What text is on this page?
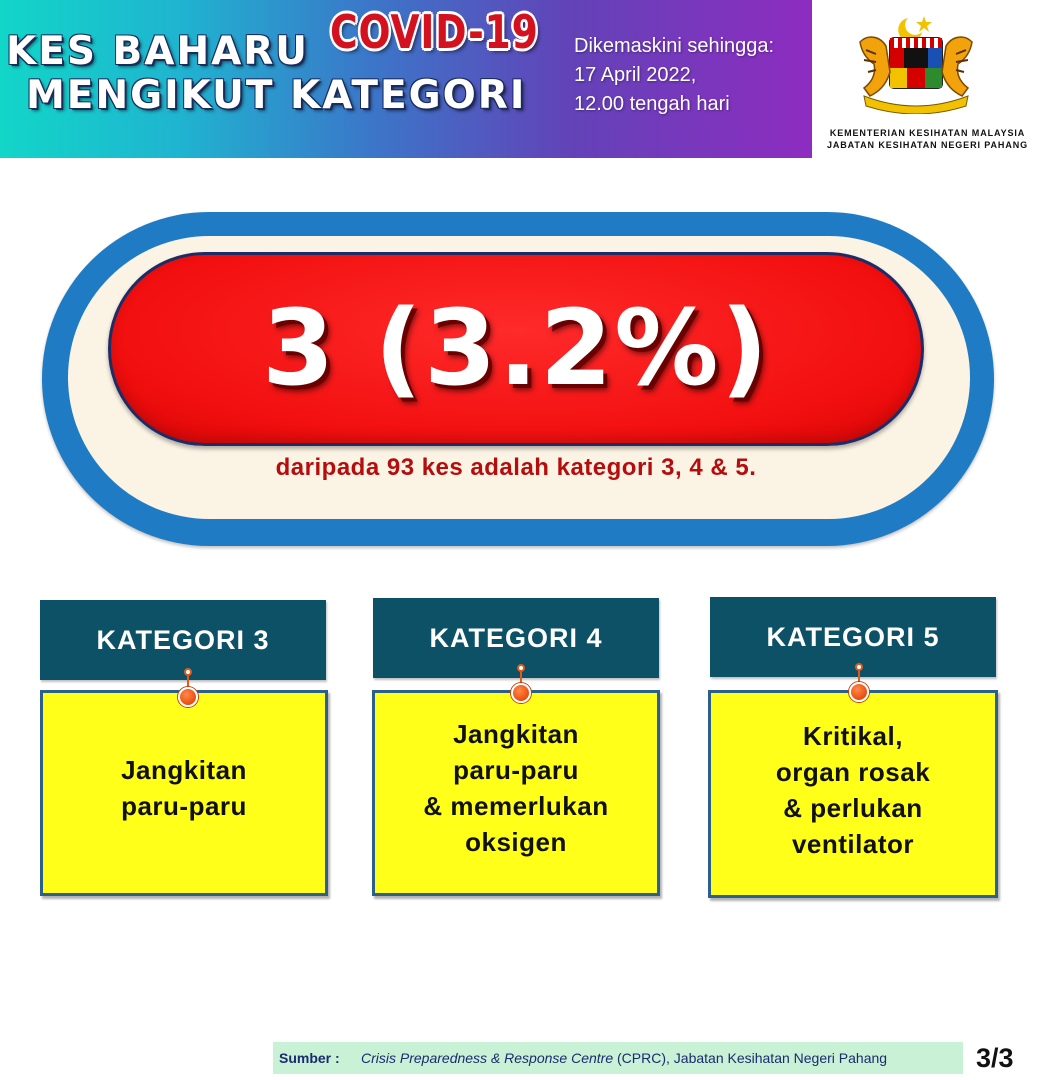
KES BAHARU
MENGIKUT KATEGORI
COVID-19 Dikemaskini sehingga:
17 April 2022,
12.00 tengah hari
KEMENTERIAN KESIHATAN MALAYSIA
JABATAN KESIHATAN NEGERI PAHANG
3 (3.2%)
daripada 93 kes adalah kategori 3, 4 & 5.
KATEGORI 3
Jangkitan
paru-paru
KATEGORI 4
Jangkitan
paru-paru
& memerlukan
oksigen
KATEGORI 5
Kritikal,
organ rosak
& perlukan
ventilator
Sumber :	Crisis Preparedness & Response Centre (CPRC), Jabatan Kesihatan Negeri Pahang	3/3
